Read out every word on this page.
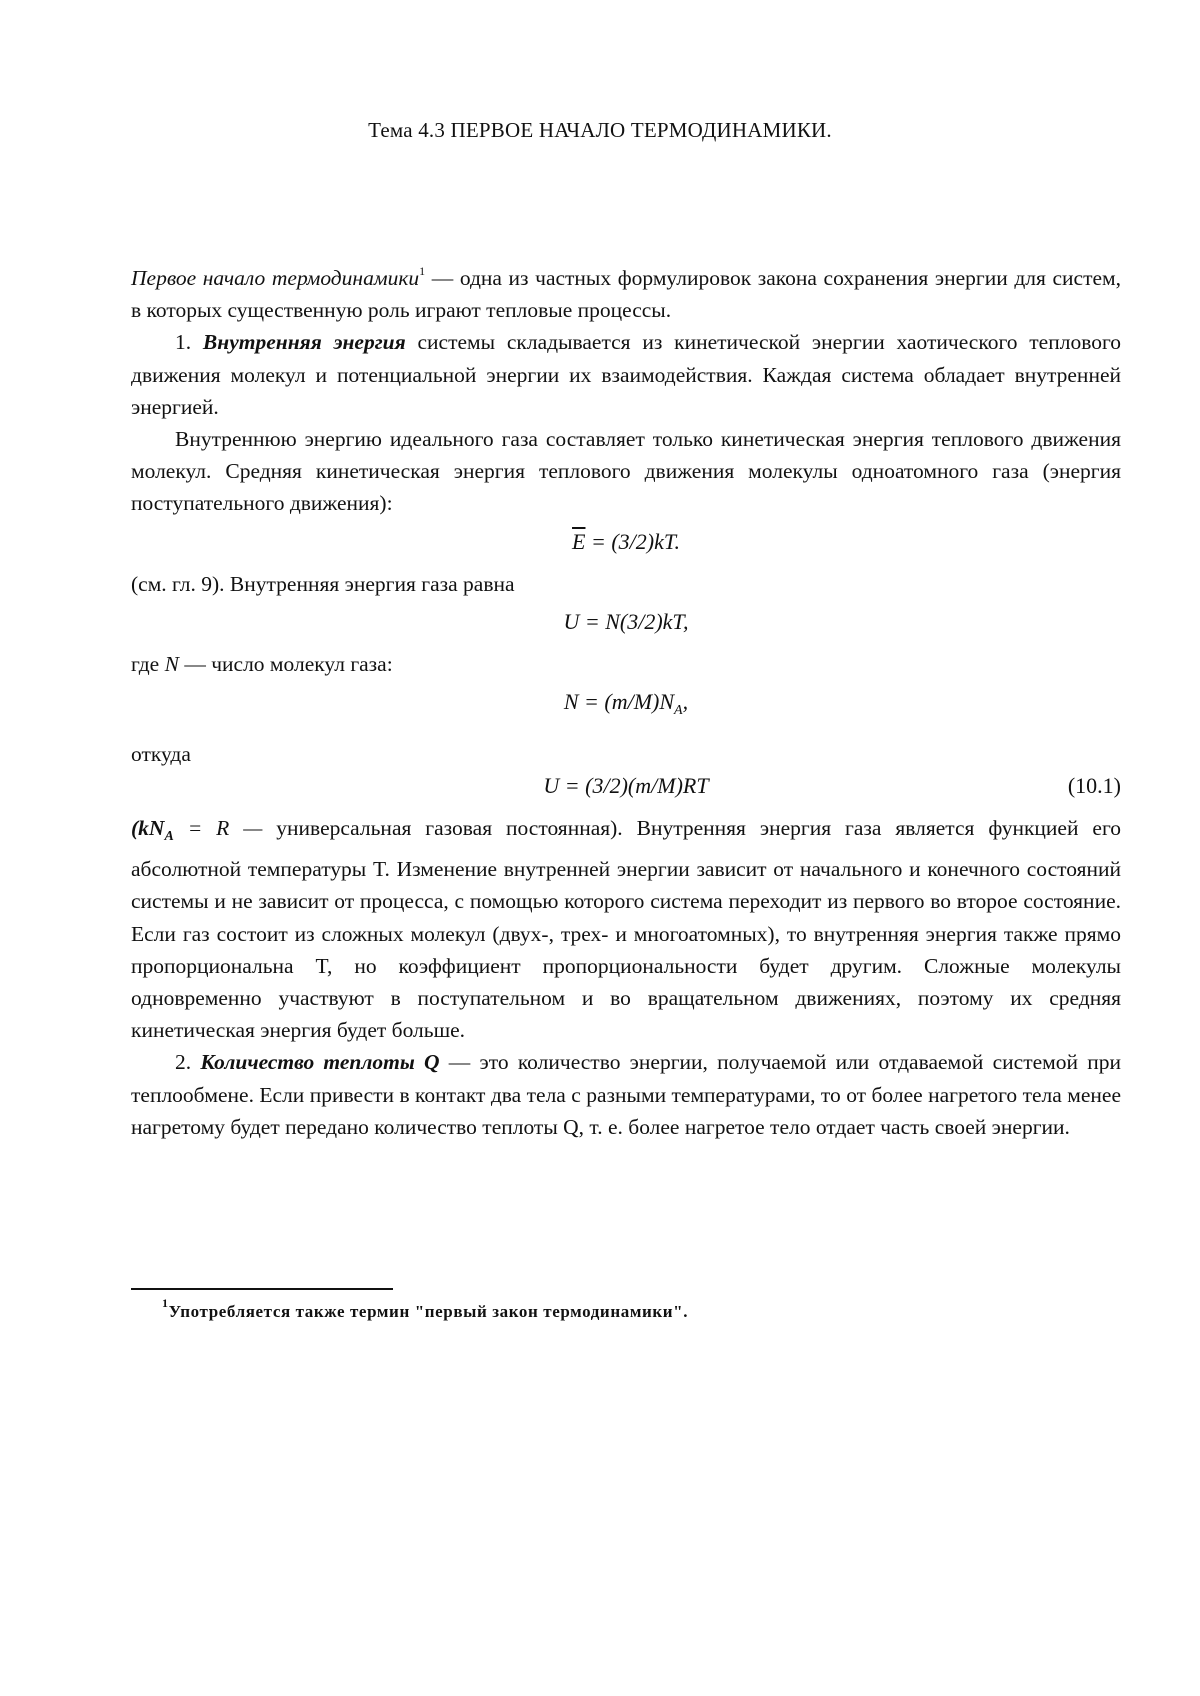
Тема 4.3 ПЕРВОЕ НАЧАЛО ТЕРМОДИНАМИКИ.

Первое начало термодинамики$^1$ — одна из частных формулировок закона сохранения энергии для систем, в которых существенную роль играют тепловые процессы.

1. Внутренняя энергия системы складывается из кинетической энергии хаотического теплового движения молекул и потенциальной энергии их взаимодействия. Каждая система обладает внутренней энергией.

Внутреннюю энергию идеального газа составляет только кинетическая энергия теплового движения молекул. Средняя кинетическая энергия теплового движения молекулы одноатомного газа (энергия поступательного движения):

$\overline{E} = (3/2)kT$.

(см. гл. 9). Внутренняя энергия газа равна

U = N(3/2)kT,

где N — число молекул газа:

$N = (m/M)N_A$,

откуда

U = (3/2)(m/M)RT	(10.1)

($kN_A = R$ — универсальная газовая постоянная). Внутренняя энергия газа является функцией его абсолютной температуры T. Изменение внутренней энергии зависит от начального и конечного состояний системы и не зависит от процесса, с помощью которого система переходит из первого во второе состояние. Если газ состоит из сложных молекул (двух-, трех- и многоатомных), то внутренняя энергия также прямо пропорциональна T, но коэффициент пропорциональности будет другим. Сложные молекулы одновременно участвуют в поступательном и во вращательном движениях, поэтому их средняя кинетическая энергия будет больше.

2. Количество теплоты Q — это количество энергии, получаемой или отдаваемой системой при теплообмене. Если привести в контакт два тела с разными температурами, то от более нагретого тела менее нагретому будет передано количество теплоты Q, т. е. более нагретое тело отдает часть своей энергии.

$^1$Употребляется также термин "первый закон термодинамики".
